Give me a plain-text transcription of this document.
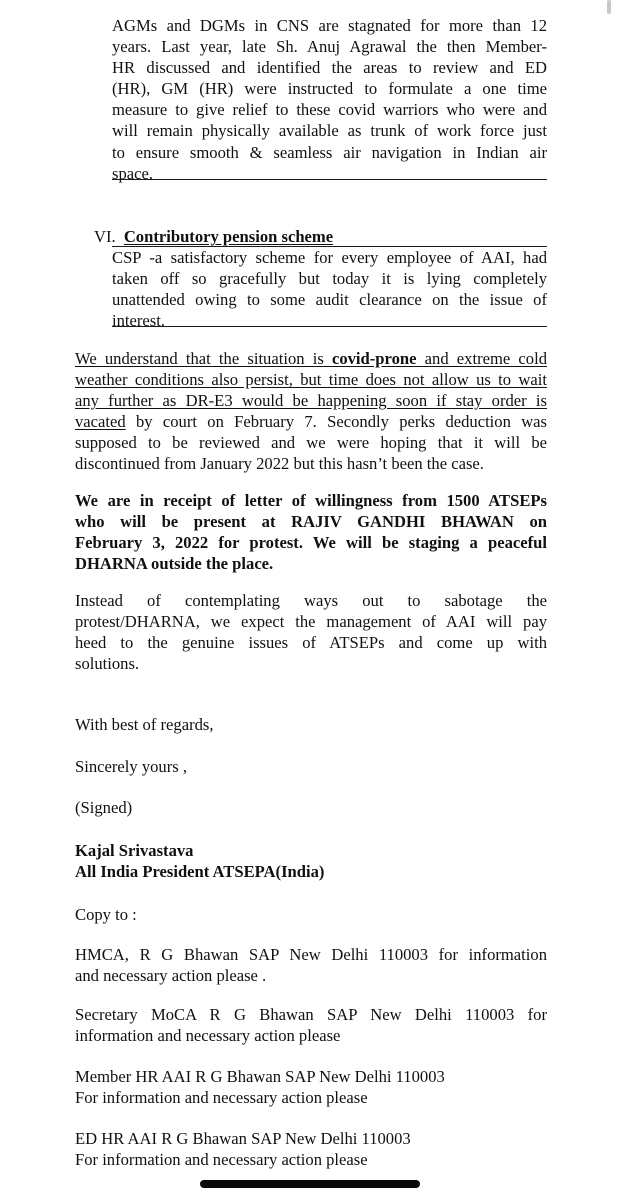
AGMs and DGMs in CNS are stagnated for more than 12
years. Last year, late Sh. Anuj Agrawal the then Member-
HR discussed and identified the areas to review and ED
(HR), GM (HR) were instructed to formulate a one time
measure to give relief to these covid warriors who were and
will remain physically available as trunk of work force just
to ensure smooth & seamless air navigation in Indian air
space.
VI. Contributory pension scheme
CSP -a satisfactory scheme for every employee of AAI, had
taken off so gracefully but today it is lying completely
unattended owing to some audit clearance on the issue of
interest.
We understand that the situation is covid-prone and extreme cold
weather conditions also persist, but time does not allow us to wait
any further as DR-E3 would be happening soon if stay order is
vacated by court on February 7. Secondly perks deduction was
supposed to be reviewed and we were hoping that it will be
discontinued from January 2022 but this hasn’t been the case.
We are in receipt of letter of willingness from 1500 ATSEPs
who will be present at RAJIV GANDHI BHAWAN on
February 3, 2022 for protest. We will be staging a peaceful
DHARNA outside the place.
Instead of contemplating ways out to sabotage the
protest/DHARNA, we expect the management of AAI will pay
heed to the genuine issues of ATSEPs and come up with
solutions.
With best of regards,
Sincerely yours ,
(Signed)
Kajal Srivastava
All India President ATSEPA(India)
Copy to :
HMCA, R G Bhawan SAP New Delhi 110003 for information
and necessary action please .
Secretary MoCA R G Bhawan SAP New Delhi 110003 for
information and necessary action please
Member HR AAI R G Bhawan SAP New Delhi 110003
For information and necessary action please
ED HR AAI R G Bhawan SAP New Delhi 110003
For information and necessary action please
